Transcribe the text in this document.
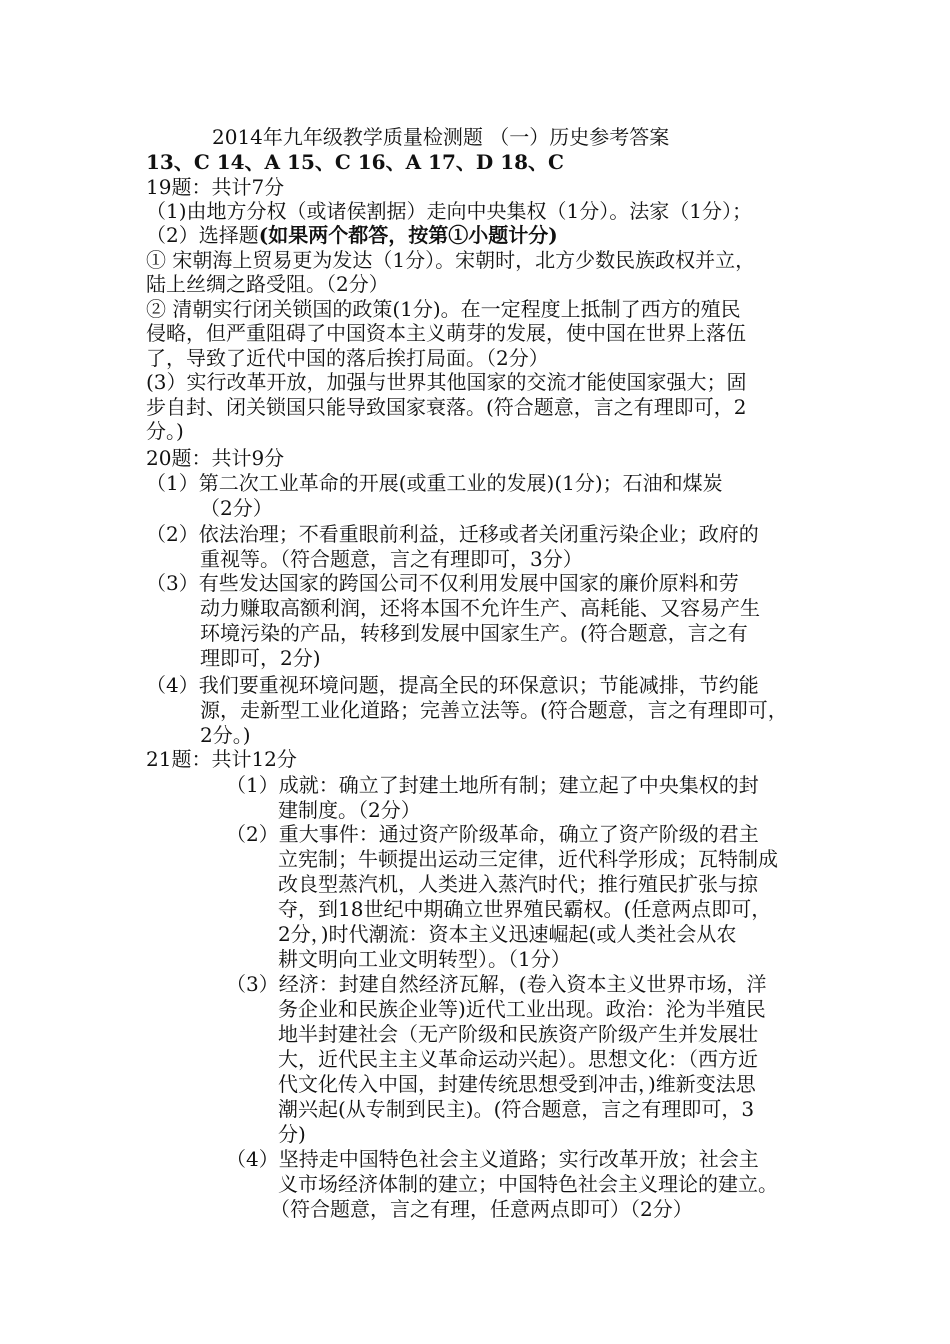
2014年九年级教学质量检测题 （一）历史参考答案
13、C 14、A 15、C 16、A 17、D 18、C
19题：共计7分
（1)由地方分权（或诸侯割据）走向中央集权（1分）。法家（1分）；
（2）选择题(如果两个都答，按第①小题计分)
① 宋朝海上贸易更为发达（1分）。宋朝时，北方少数民族政权并立，
陆上丝绸之路受阻。（2分）
② 清朝实行闭关锁国的政策(1分)。在一定程度上抵制了西方的殖民
侵略，但严重阻碍了中国资本主义萌芽的发展，使中国在世界上落伍
了，导致了近代中国的落后挨打局面。（2分）
(3）实行改革开放，加强与世界其他国家的交流才能使国家强大；固
步自封、闭关锁国只能导致国家衰落。(符合题意，言之有理即可，2
分。)
20题：共计9分
（1）第二次工业革命的开展(或重工业的发展)(1分)；石油和煤炭
（2分）
（2）依法治理；不看重眼前利益，迁移或者关闭重污染企业；政府的
重视等。（符合题意，言之有理即可，3分）
（3）有些发达国家的跨国公司不仅利用发展中国家的廉价原料和劳
动力赚取高额利润，还将本国不允许生产、高耗能、又容易产生
环境污染的产品，转移到发展中国家生产。(符合题意，言之有
理即可，2分)
（4）我们要重视环境问题，提高全民的环保意识；节能减排，节约能
源，走新型工业化道路；完善立法等。(符合题意，言之有理即可，
2分。)
21题：共计12分
（1）成就：确立了封建土地所有制；建立起了中央集权的封
建制度。（2分）
（2）重大事件：通过资产阶级革命，确立了资产阶级的君主
立宪制；牛顿提出运动三定律，近代科学形成；瓦特制成
改良型蒸汽机，人类进入蒸汽时代；推行殖民扩张与掠
夺，到18世纪中期确立世界殖民霸权。(任意两点即可，
2分，)时代潮流：资本主义迅速崛起(或人类社会从农
耕文明向工业文明转型）。（1分）
（3）经济：封建自然经济瓦解，(卷入资本主义世界市场，洋
务企业和民族企业等)近代工业出现。政治：沦为半殖民
地半封建社会（无产阶级和民族资产阶级产生并发展壮
大，近代民主主义革命运动兴起）。思想文化：（西方近
代文化传入中国，封建传统思想受到冲击，)维新变法思
潮兴起(从专制到民主)。(符合题意，言之有理即可，3
分)
（4）坚持走中国特色社会主义道路；实行改革开放；社会主
义市场经济体制的建立；中国特色社会主义理论的建立。
（符合题意，言之有理，任意两点即可）（2分）
